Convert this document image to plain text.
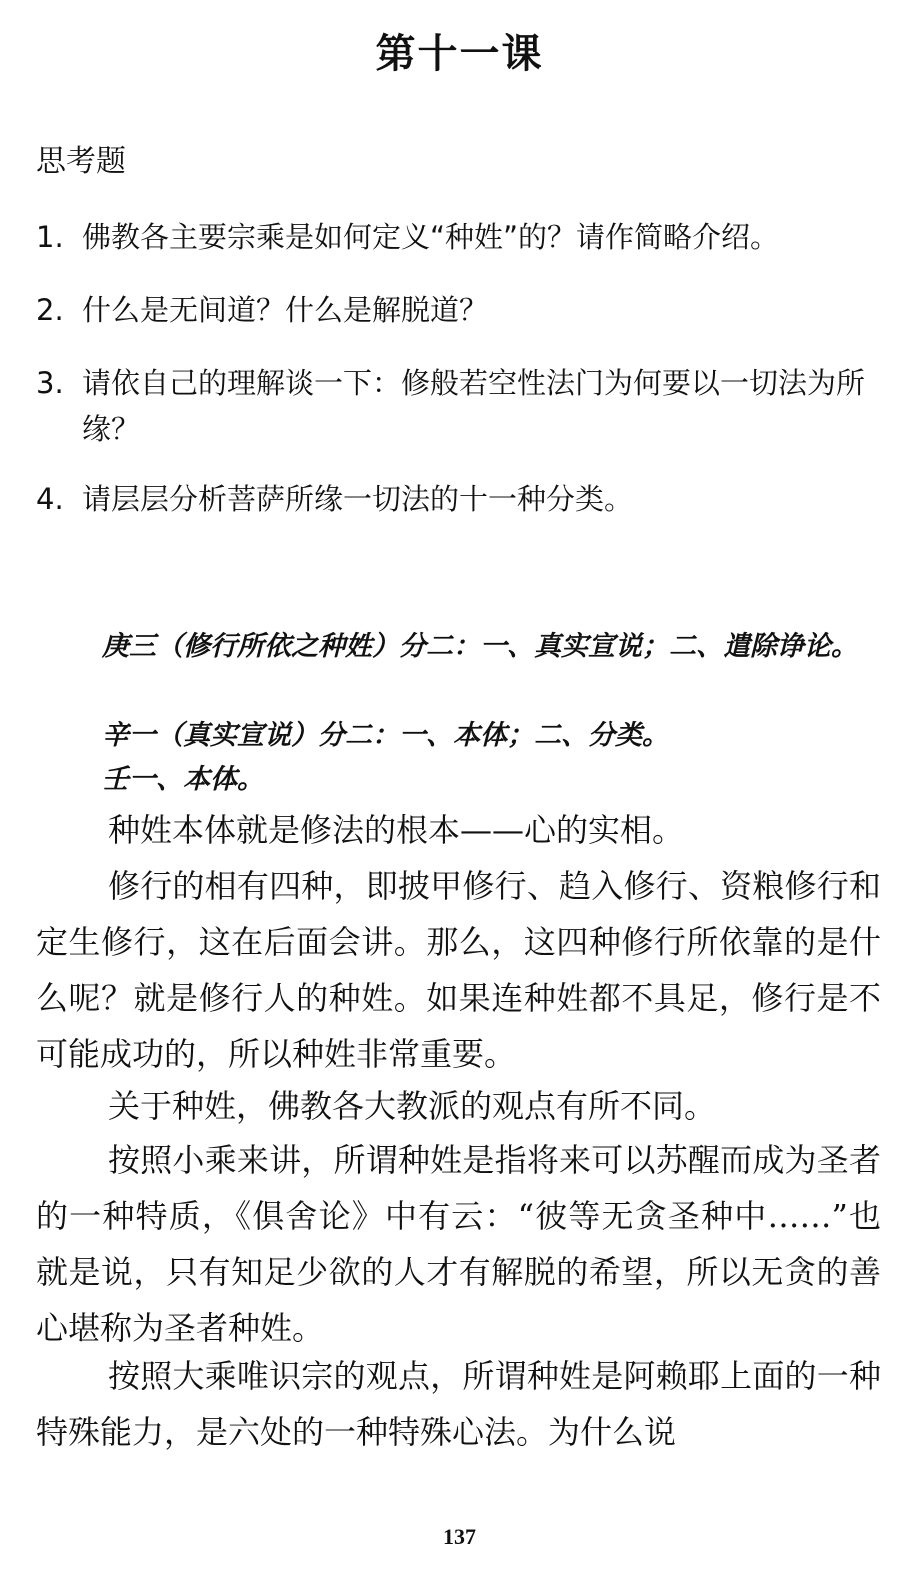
第十一课
思考题
1. 佛教各主要宗乘是如何定义“种姓”的？请作简略介绍。
2. 什么是无间道？什么是解脱道？
3. 请依自己的理解谈一下：修般若空性法门为何要以一切法为所缘？
4. 请层层分析菩萨所缘一切法的十一种分类。
庚三（修行所依之种姓）分二：一、真实宣说；二、遣除诤论。
辛一（真实宣说）分二：一、本体；二、分类。
壬一、本体。
种姓本体就是修法的根本——心的实相。
修行的相有四种，即披甲修行、趋入修行、资粮修行和定生修行，这在后面会讲。那么，这四种修行所依靠的是什么呢？就是修行人的种姓。如果连种姓都不具足，修行是不可能成功的，所以种姓非常重要。
关于种姓，佛教各大教派的观点有所不同。
按照小乘来讲，所谓种姓是指将来可以苏醒而成为圣者的一种特质，《俱舍论》中有云：“彼等无贪圣种中……”也就是说，只有知足少欲的人才有解脱的希望，所以无贪的善心堪称为圣者种姓。
按照大乘唯识宗的观点，所谓种姓是阿赖耶上面的一种特殊能力，是六处的一种特殊心法。为什么说
137
